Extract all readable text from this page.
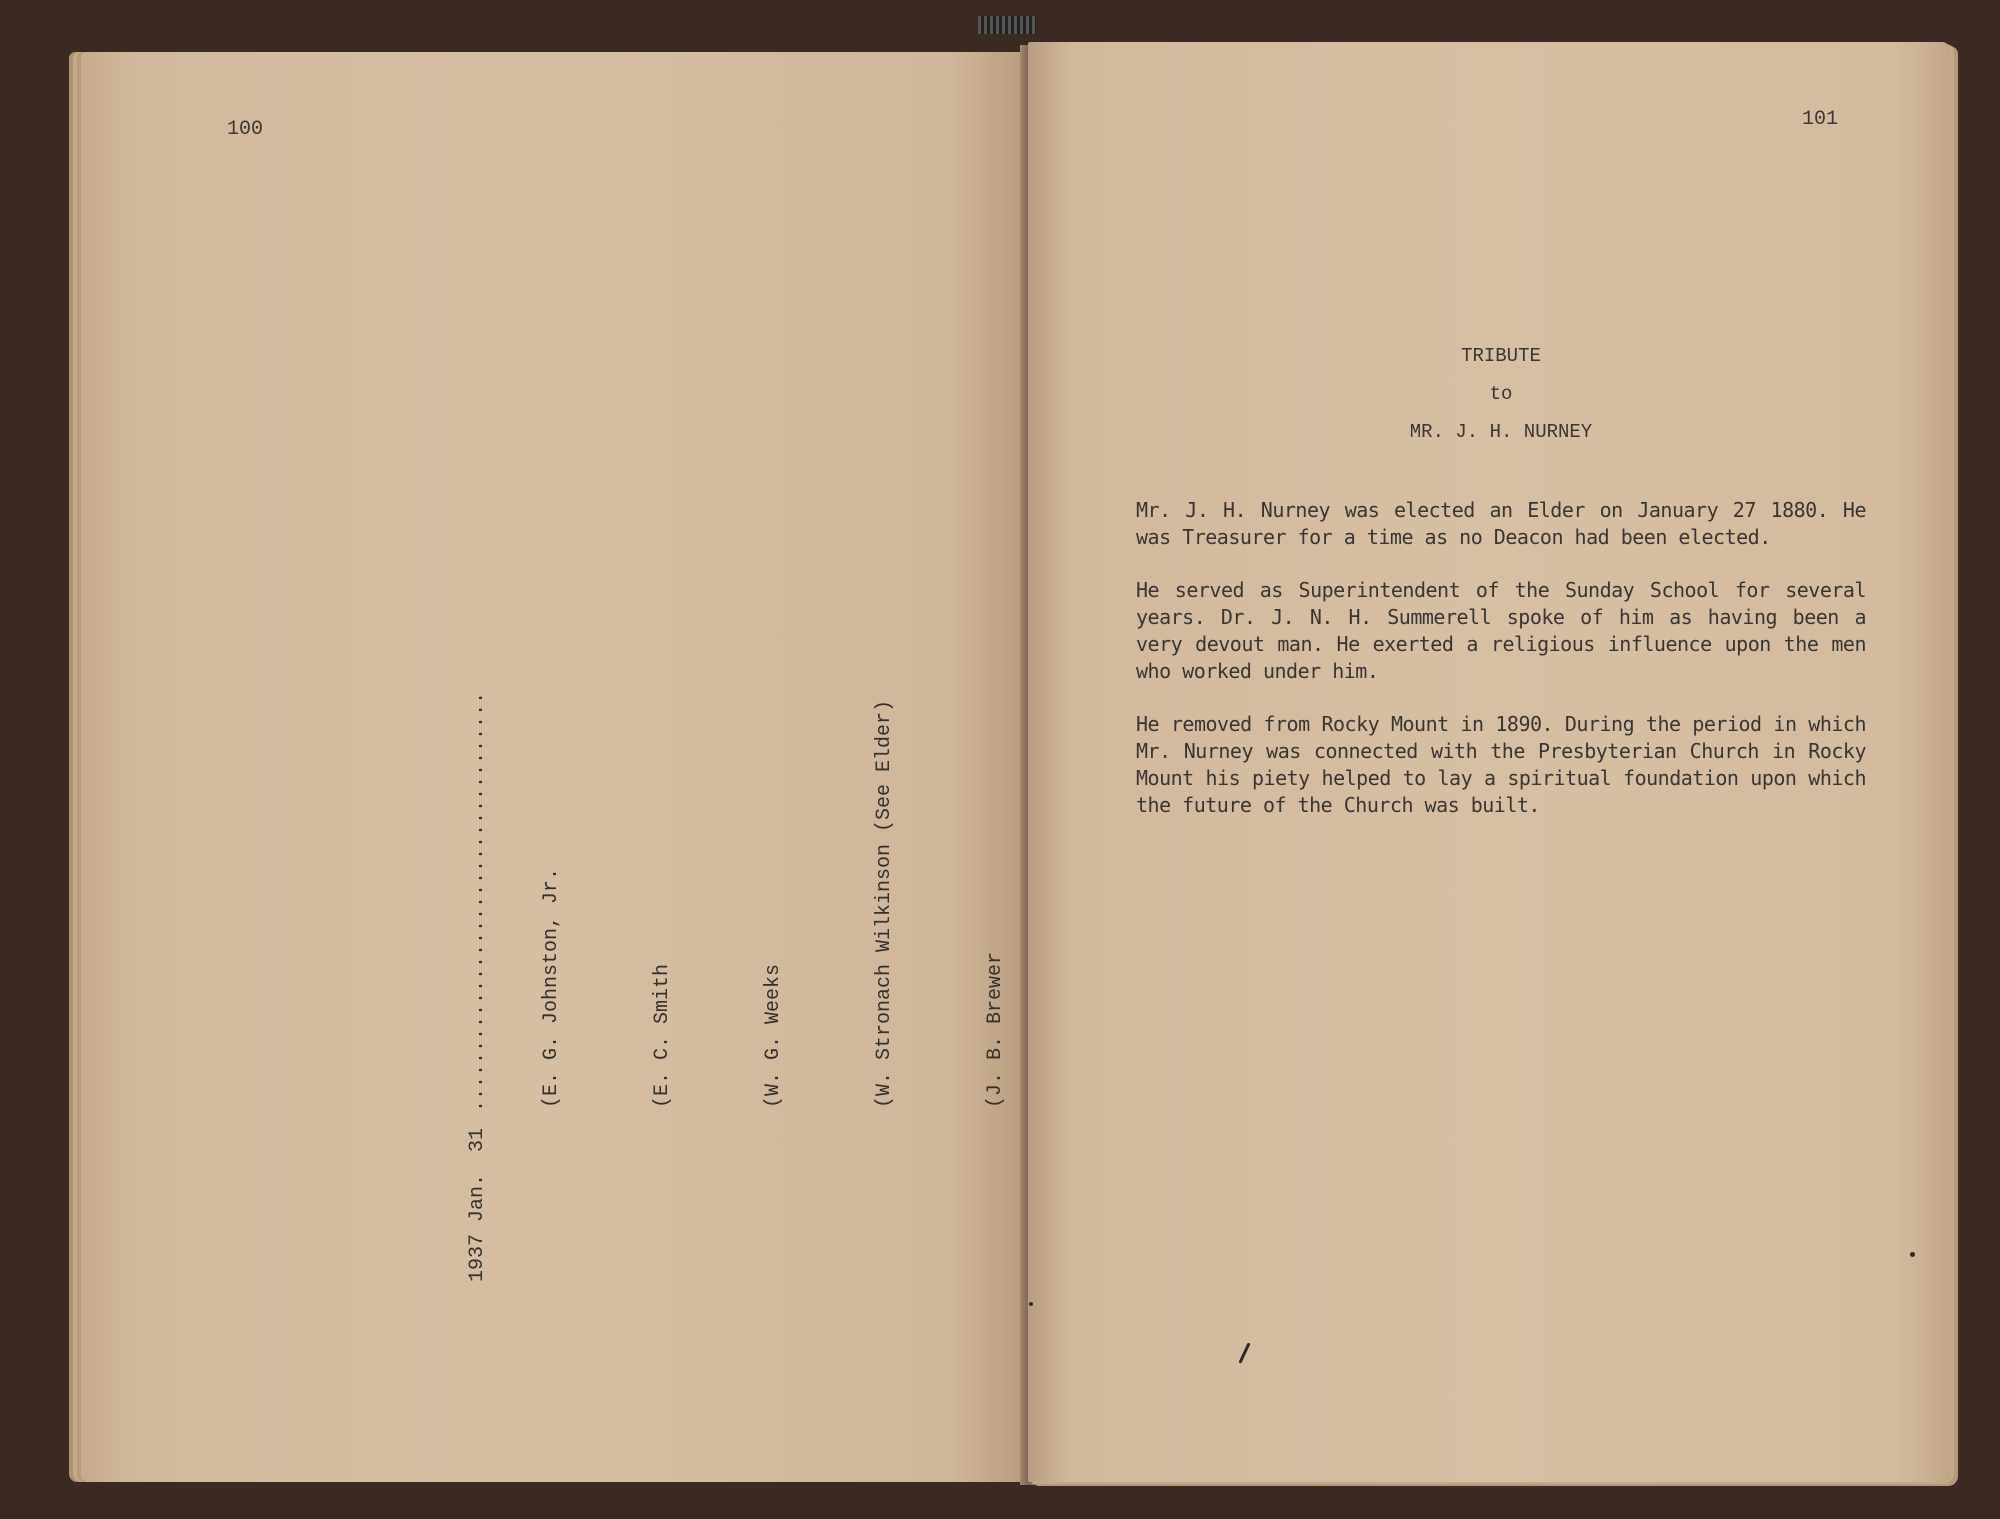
100

1937
Jan.
31
...................................

	(E. G. Johnston, Jr.

	(E. C. Smith

	(W. G. Weeks

	(W. Stronach Wilkinson (See Elder)

	(J. B. Brewer

101
TRIBUTE
to
MR. J. H. NURNEY

Mr. J. H. Nurney was elected an Elder on January 27 1880. He was Treasurer for a time as no Deacon had been elected.

He served as Superintendent of the Sunday School for several years. Dr. J. N. H. Summerell spoke of him as having been a very devout man. He exerted a religious influence upon the men who worked under him.

He removed from Rocky Mount in 1890. During the period in which Mr. Nurney was connected with the Presbyterian Church in Rocky Mount his piety helped to lay a spiritual foundation upon which the future of the Church was built.
